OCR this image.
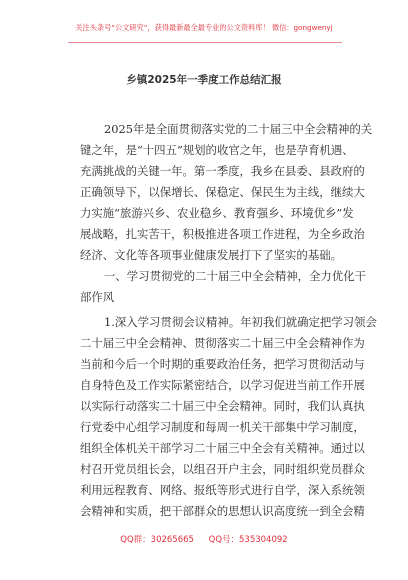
关注头条号“公文研究”，获得最新最全最专业的公文资料库！ 微信：gongwenyj
乡镇2025年一季度工作总结汇报
2025年是全面贯彻落实党的二十届三中全会精神的关
键之年，是“十四五”规划的收官之年，也是孕育机遇、
充满挑战的关键一年。第一季度，我乡在县委、县政府的
正确领导下，以保增长、保稳定、保民生为主线，继续大
力实施“旅游兴乡、农业稳乡、教育强乡、环境优乡”发
展战略，扎实苦干，积极推进各项工作进程，为全乡政治
经济、文化等各项事业健康发展打下了坚实的基础。
一、学习贯彻党的二十届三中全会精神，全力优化干
部作风
1.深入学习贯彻会议精神。年初我们就确定把学习领会
二十届三中全会精神、贯彻落实二十届三中全会精神作为
当前和今后一个时期的重要政治任务，把学习贯彻活动与
自身特色及工作实际紧密结合，以学习促进当前工作开展
以实际行动落实二十届三中全会精神。同时，我们认真执
行党委中心组学习制度和每周一机关干部集中学习制度，
组织全体机关干部学习二十届三中全会有关精神。通过以
村召开党员组长会，以组召开户主会，同时组织党员群众
利用远程教育、网络、报纸等形式进行自学，深入系统领
会精神和实质，把干部群众的思想认识高度统一到全会精
QQ群：30265665 QQ号：535304092
